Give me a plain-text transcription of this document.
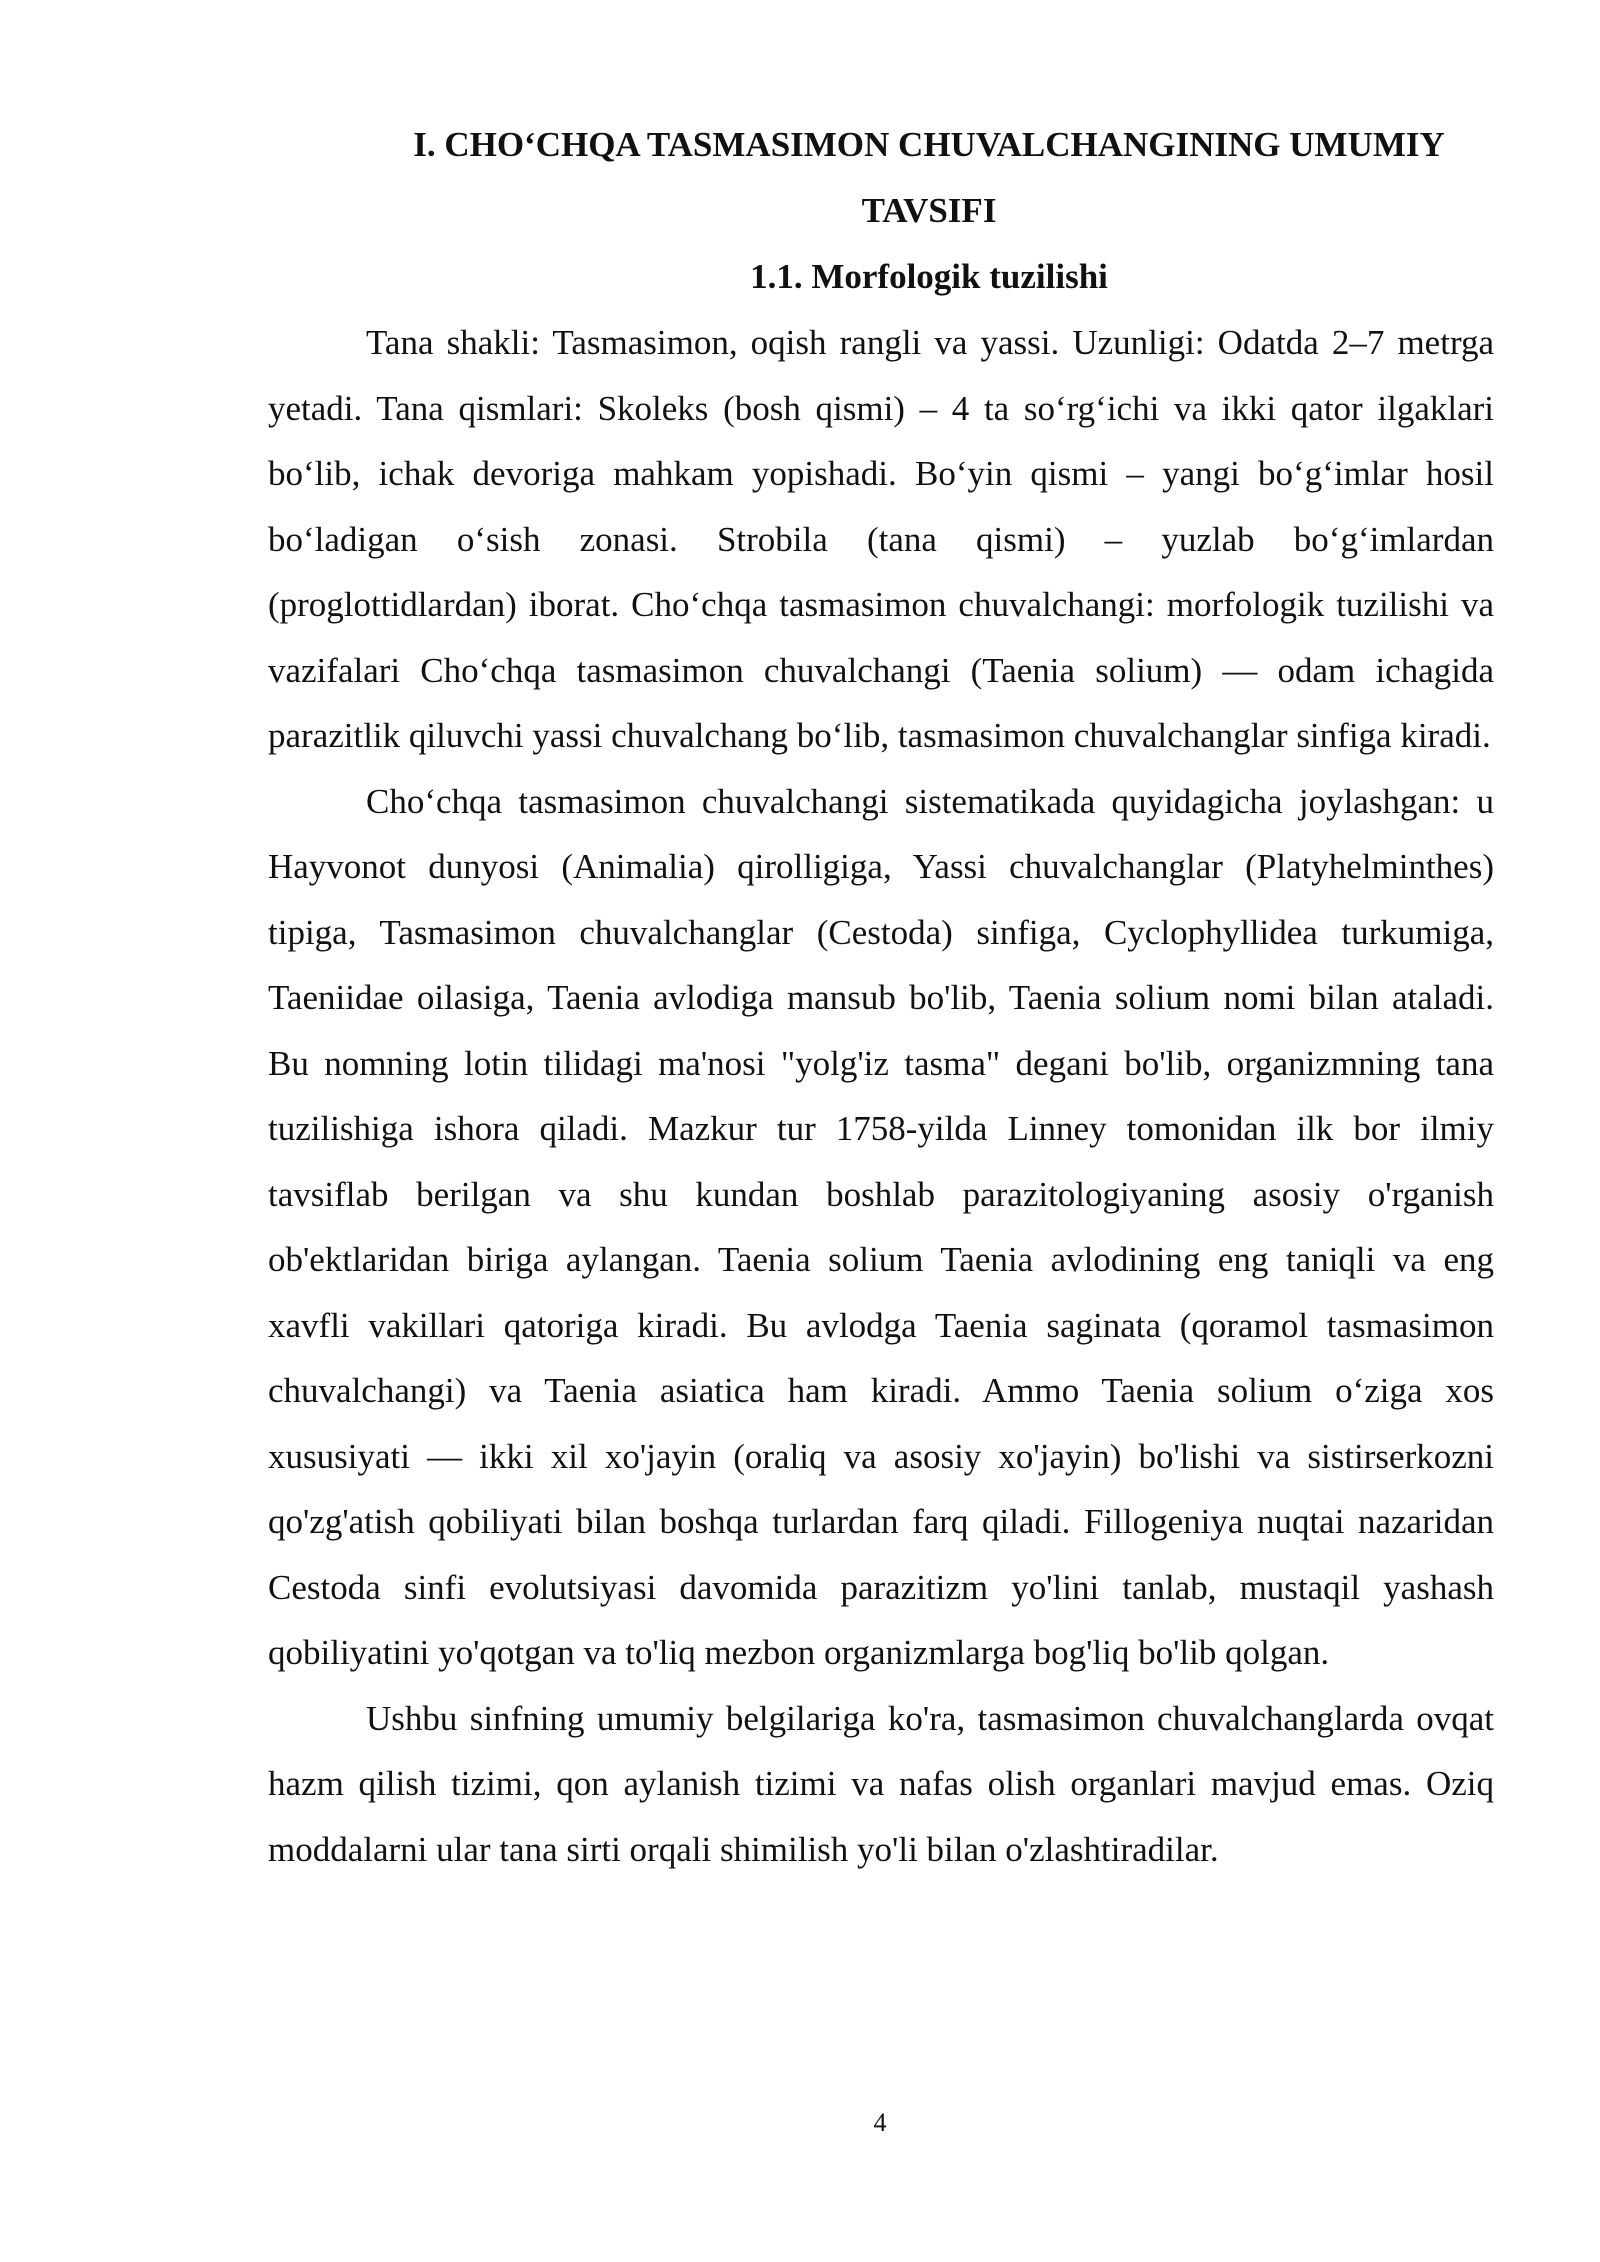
I. CHO‘CHQA TASMASIMON CHUVALCHANGINING UMUMIY TAVSIFI
1.1. Morfologik tuzilishi

Tana shakli: Tasmasimon, oqish rangli va yassi. Uzunligi: Odatda 2–7 metrga yetadi. Tana qismlari: Skoleks (bosh qismi) – 4 ta so‘rg‘ichi va ikki qator ilgaklari bo‘lib, ichak devoriga mahkam yopishadi. Bo‘yin qismi – yangi bo‘g‘imlar hosil bo‘ladigan o‘sish zonasi. Strobila (tana qismi) – yuzlab bo‘g‘imlardan (proglottidlardan) iborat. Cho‘chqa tasmasimon chuvalchangi: morfologik tuzilishi va vazifalari Cho‘chqa tasmasimon chuvalchangi (Taenia solium) — odam ichagida parazitlik qiluvchi yassi chuvalchang bo‘lib, tasmasimon chuvalchanglar sinfiga kiradi.

Cho‘chqa tasmasimon chuvalchangi sistematikada quyidagicha joylashgan: u Hayvonot dunyosi (Animalia) qirolligiga, Yassi chuvalchanglar (Platyhelminthes) tipiga, Tasmasimon chuvalchanglar (Cestoda) sinfiga, Cyclophyllidea turkumiga, Taeniidae oilasiga, Taenia avlodiga mansub bo'lib, Taenia solium nomi bilan ataladi. Bu nomning lotin tilidagi ma'nosi "yolg'iz tasma" degani bo'lib, organizmning tana tuzilishiga ishora qiladi. Mazkur tur 1758-yilda Linney tomonidan ilk bor ilmiy tavsiflab berilgan va shu kundan boshlab parazitologiyaning asosiy o'rganish ob'ektlaridan biriga aylangan. Taenia solium Taenia avlodining eng taniqli va eng xavfli vakillari qatoriga kiradi. Bu avlodga Taenia saginata (qoramol tasmasimon chuvalchangi) va Taenia asiatica ham kiradi. Ammo Taenia solium o‘ziga xos xususiyati — ikki xil xo'jayin (oraliq va asosiy xo'jayin) bo'lishi va sistirserkozni qo'zg'atish qobiliyati bilan boshqa turlardan farq qiladi. Fillogeniya nuqtai nazaridan Cestoda sinfi evolutsiyasi davomida parazitizm yo'lini tanlab, mustaqil yashash qobiliyatini yo'qotgan va to'liq mezbon organizmlarga bog'liq bo'lib qolgan.

Ushbu sinfning umumiy belgilariga ko'ra, tasmasimon chuvalchanglarda ovqat hazm qilish tizimi, qon aylanish tizimi va nafas olish organlari mavjud emas. Oziq moddalarni ular tana sirti orqali shimilish yo'li bilan o'zlashtiradilar.

4
